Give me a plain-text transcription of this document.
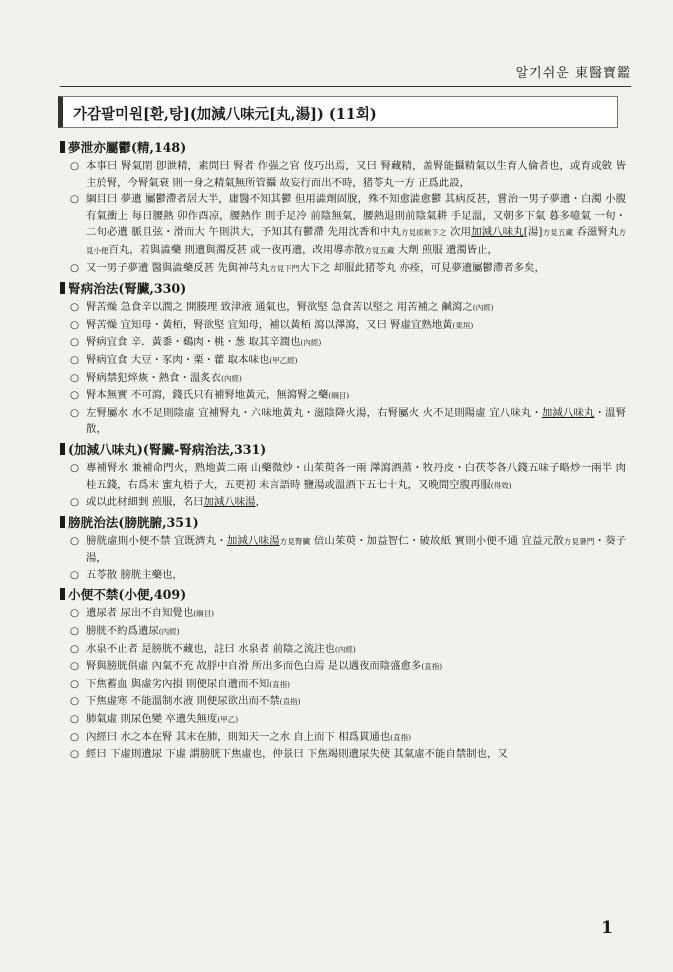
알기쉬운 東醫寶鑑
가감팔미원[환,탕](加減八味元[丸,湯]) (11회)
夢泄亦屬鬱(精,148)
○ 本事曰 腎氣閉 卽泄精，素問曰 腎者 作强之官 伎巧出焉，又曰 腎藏精，盖腎能攝精氣以生育人倫者也，或育或斂 皆主於腎，今腎氣衰 則一身之精氣無所管攝 故妄行而出不時，猪苓丸一方 正爲此設，
○ 綱目曰 夢遺 屬鬱滯者居大半，庸醫不知其鬱 但用澁劑固脫，殊不知愈澁愈鬱 其病反甚，嘗治一男子夢遺・白濁 小腹有氣衝上 每日腰熱 卯作酉凉，腰熱作 則手足冷 前陰無氣，腰熱退則前陰氣耕 手足溫，又朝多下氣 暮多噫氣 一旬・二旬必遺 脈且弦・滑而大 午則洪大，予知其有鬱滯 先用沈香和中丸方見痰飮下之 次用加減八味丸[湯]方見五藏 呑滋腎丸方見小便百丸，若與澁藥 則遺與濁反甚 或一夜再遺，改用導赤散方見五藏 大劑 煎服 遺濁皆止，
○ 又一男子夢遺 醫與澁藥反甚 先與神芎丸方見下門大下之 却服此猪苓丸 亦痊，可見夢遺屬鬱滯者多矣，
腎病治法(腎臟,330)
○ 腎苦燥 急食辛以潤之 開腠理 致津液 通氣也，腎欲堅 急食苦以堅之 用苦補之 鹹瀉之(內經)
○ 腎苦燥 宜知母・黃栢，腎欲堅 宜知母，補以黃栢 瀉以澤瀉，又曰 腎虛宜熟地黃(東垣)
○ 腎病宜食 辛．黃黍・鷄肉・桃・葱 取其辛潤也(內經)
○ 腎病宜食 大豆・豕肉・栗・藿 取本味也(甲乙經)
○ 腎病禁犯焠烣・熱食・溫炙衣(內經)
○ 腎本無實 不可瀉，錢氏只有補腎地黃元，無瀉腎之藥(綱目)
○ 左腎屬水 水不足則陰虛 宜補腎丸・六味地黃丸・滋陰降火湯，右腎屬火 火不足則陽虛 宜八味丸・加減八味丸・溫腎散，
(加減八味丸)(腎臟-腎病治法,331)
○ 專補腎水 兼補命門火，熟地黃二兩 山藥微炒・山茱萸各一兩 澤瀉酒蒸・牧丹皮・白茯苓各八錢五味子略炒一兩半 肉桂五錢，右爲末 蜜丸梧子大，五更初 未言語時 鹽湯或溫酒下五七十丸，又晩間空腹再服(得效)
○ 或以此材細剉 煎服，名曰加減八味湯，
膀胱治法(膀胱腑,351)
○ 膀胱虛則小便不禁 宜既濟丸・加減八味湯方見腎臟 倍山茱萸・加益智仁・破故紙 實則小便不通 宜益元散方見暑門・葵子湯，
○ 五苓散 膀胱主藥也，
小便不禁(小便,409)
○ 遺尿者 尿出不自知覺也(綱目)
○ 膀胱不約爲遺尿(內經)
○ 水泉不止者 是膀胱不藏也，註曰 水泉者 前陰之流注也(內經)
○ 腎與膀胱俱虛 內氣不充 故脬中自滑 所出多而色白焉 是以遇夜而陰盛愈多(直指)
○ 下焦蓄血 與虛劣內損 則便尿自遺而不知(直指)
○ 下焦虛寒 不能溫制水液 則便尿欲出而不禁(直指)
○ 肺氣虛 則尿色變 卒遺失無度(甲乙)
○ 內經曰 水之本在腎 其末在肺，則知天一之水 自上而下 相爲貫通也(直指)
○ 經曰 下虛則遺尿 下虛 謂膀胱下焦虛也，仲景曰 下焦竭則遺尿失使 其氣虛不能自禁制也，又
1
